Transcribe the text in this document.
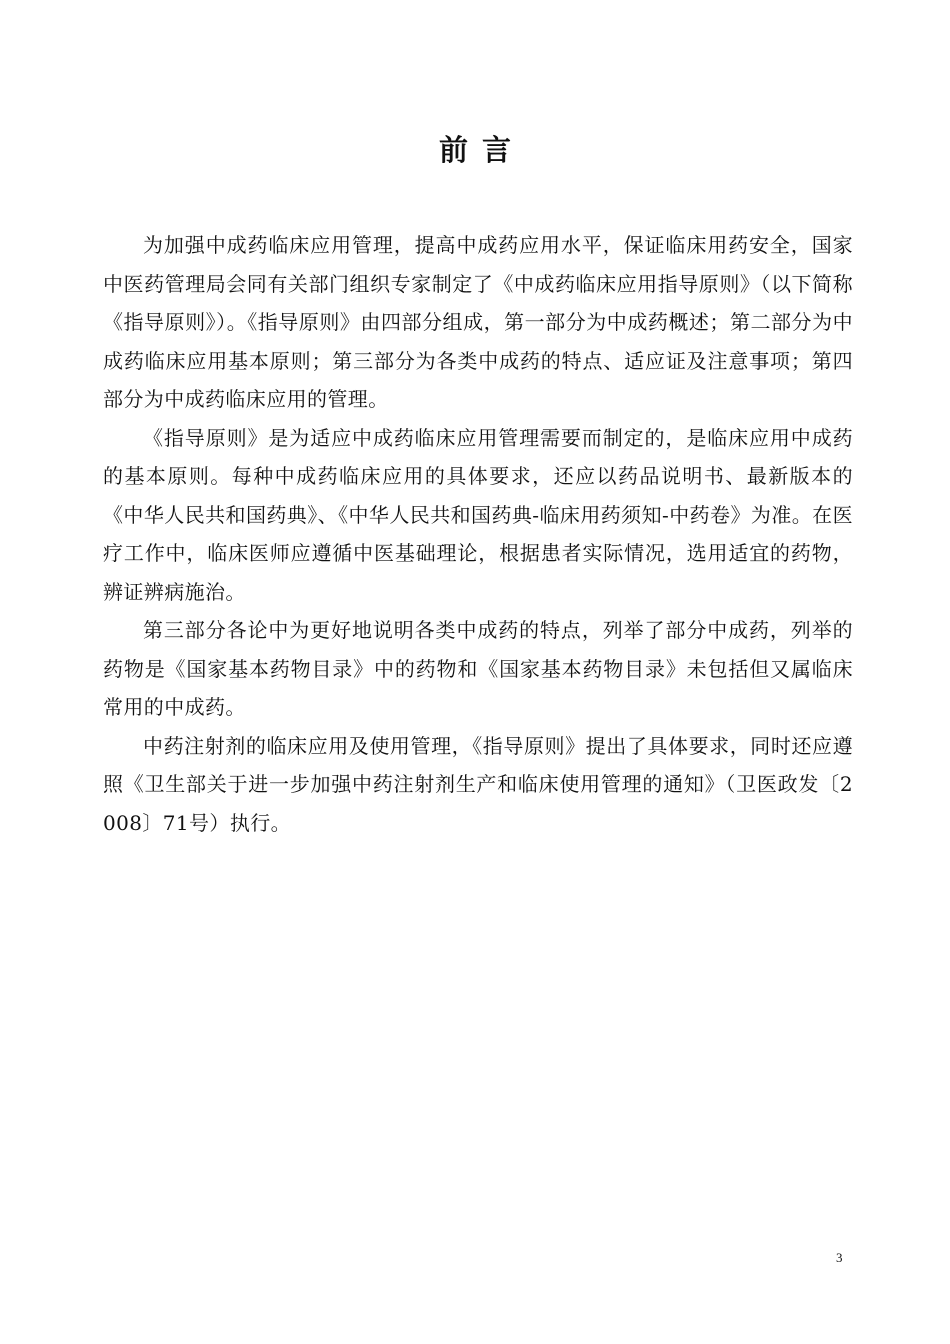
前言

为加强中成药临床应用管理，提高中成药应用水平，保证临床用药安全，国家中医药管理局会同有关部门组织专家制定了《中成药临床应用指导原则》（以下简称《指导原则》）。《指导原则》由四部分组成，第一部分为中成药概述；第二部分为中成药临床应用基本原则；第三部分为各类中成药的特点、适应证及注意事项；第四部分为中成药临床应用的管理。

《指导原则》是为适应中成药临床应用管理需要而制定的，是临床应用中成药的基本原则。每种中成药临床应用的具体要求，还应以药品说明书、最新版本的《中华人民共和国药典》、《中华人民共和国药典-临床用药须知-中药卷》为准。在医疗工作中，临床医师应遵循中医基础理论，根据患者实际情况，选用适宜的药物，辨证辨病施治。

第三部分各论中为更好地说明各类中成药的特点，列举了部分中成药，列举的药物是《国家基本药物目录》中的药物和《国家基本药物目录》未包括但又属临床常用的中成药。

中药注射剂的临床应用及使用管理，《指导原则》提出了具体要求，同时还应遵照《卫生部关于进一步加强中药注射剂生产和临床使用管理的通知》（卫医政发〔2008〕71号）执行。

3
